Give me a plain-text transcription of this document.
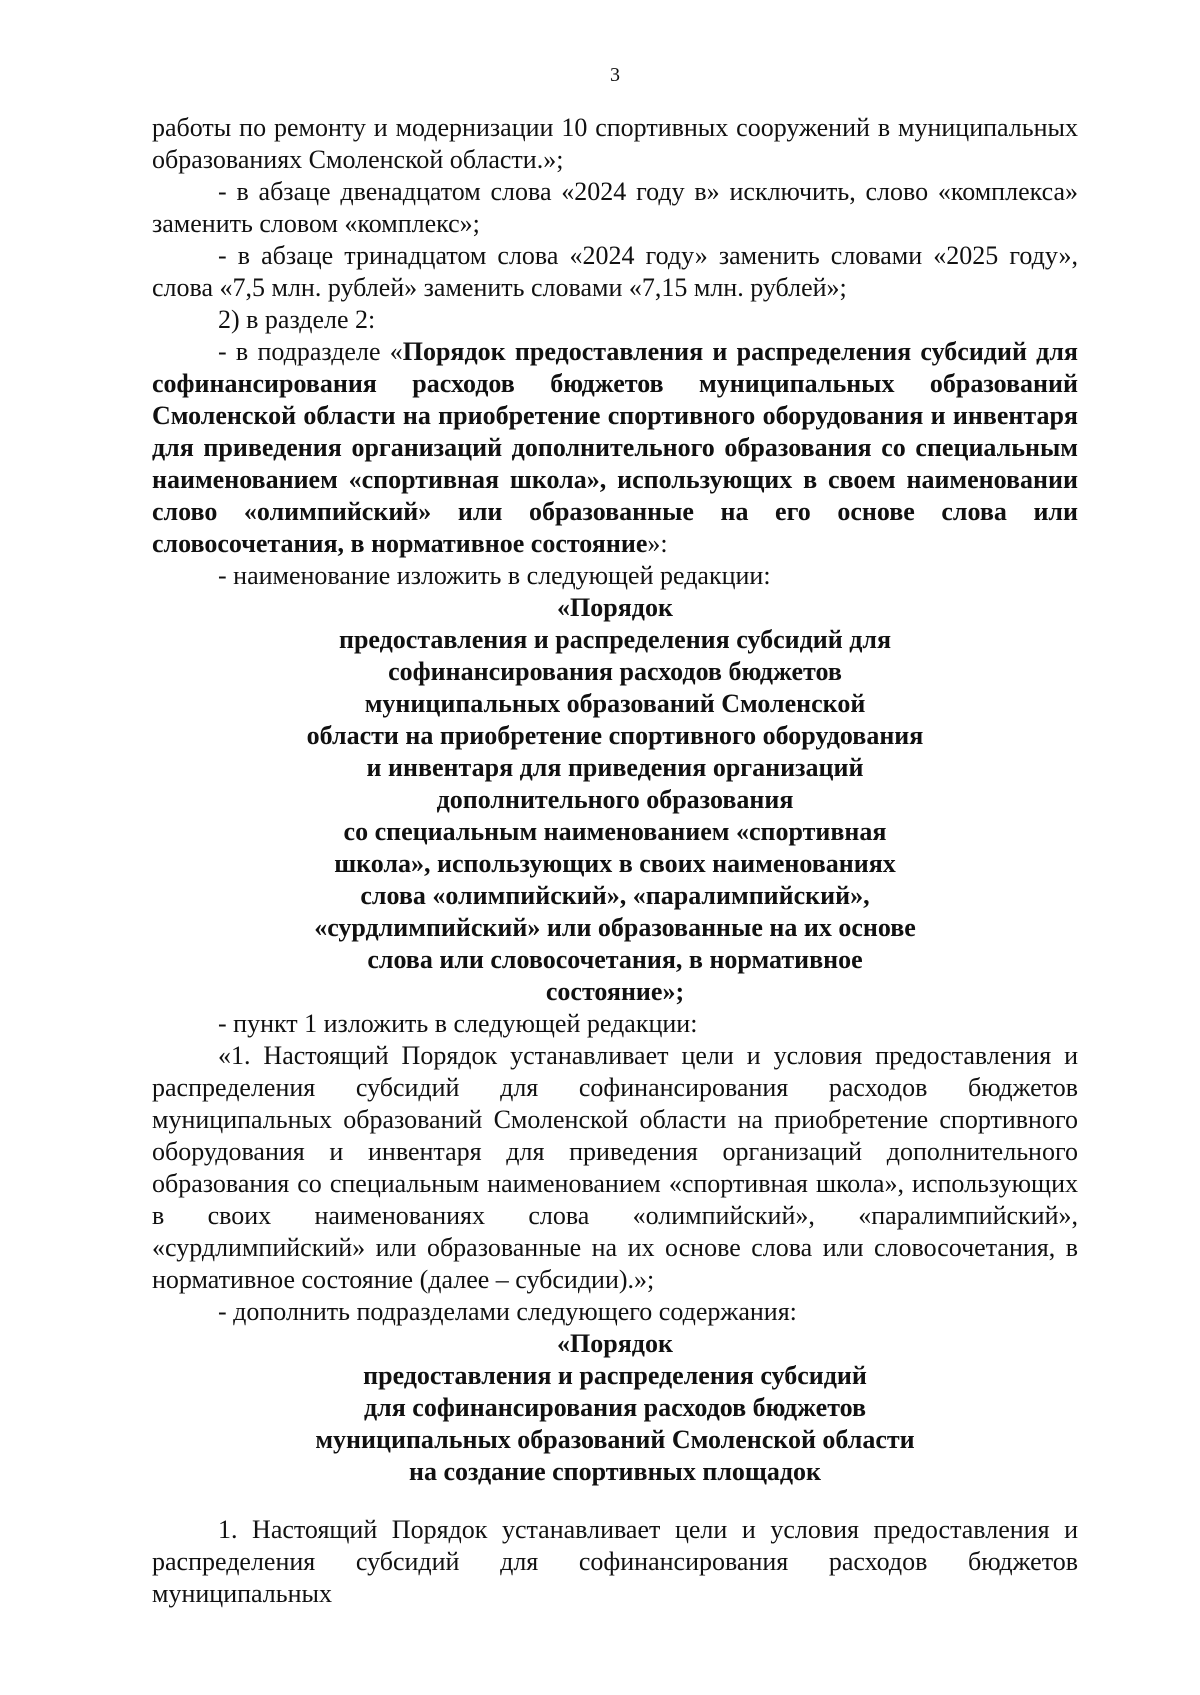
3

работы по ремонту и модернизации 10 спортивных сооружений в муниципальных образованиях Смоленской области.»;

- в абзаце двенадцатом слова «2024 году в» исключить, слово «комплекса» заменить словом «комплекс»;

- в абзаце тринадцатом слова «2024 году» заменить словами «2025 году», слова «7,5 млн. рублей» заменить словами «7,15 млн. рублей»;

2) в разделе 2:

- в подразделе «Порядок предоставления и распределения субсидий для софинансирования расходов бюджетов муниципальных образований Смоленской области на приобретение спортивного оборудования и инвентаря для приведения организаций дополнительного образования со специальным наименованием «спортивная школа», использующих в своем наименовании слово «олимпийский» или образованные на его основе слова или словосочетания, в нормативное состояние»:

- наименование изложить в следующей редакции:

«Порядок
предоставления и распределения субсидий для
софинансирования расходов бюджетов
муниципальных образований Смоленской
области на приобретение спортивного оборудования
и инвентаря для приведения организаций
дополнительного образования
со специальным наименованием «спортивная
школа», использующих в своих наименованиях
слова «олимпийский», «паралимпийский»,
«сурдлимпийский» или образованные на их основе
слова или словосочетания, в нормативное
состояние»;

- пункт 1 изложить в следующей редакции:

«1. Настоящий Порядок устанавливает цели и условия предоставления и распределения субсидий для софинансирования расходов бюджетов муниципальных образований Смоленской области на приобретение спортивного оборудования и инвентаря для приведения организаций дополнительного образования со специальным наименованием «спортивная школа», использующих в своих наименованиях слова «олимпийский», «паралимпийский», «сурдлимпийский» или образованные на их основе слова или словосочетания, в нормативное состояние (далее – субсидии).»;

- дополнить подразделами следующего содержания:

«Порядок
предоставления и распределения субсидий
для софинансирования расходов бюджетов
муниципальных образований Смоленской области
на создание спортивных площадок

1. Настоящий Порядок устанавливает цели и условия предоставления и распределения субсидий для софинансирования расходов бюджетов муниципальных
